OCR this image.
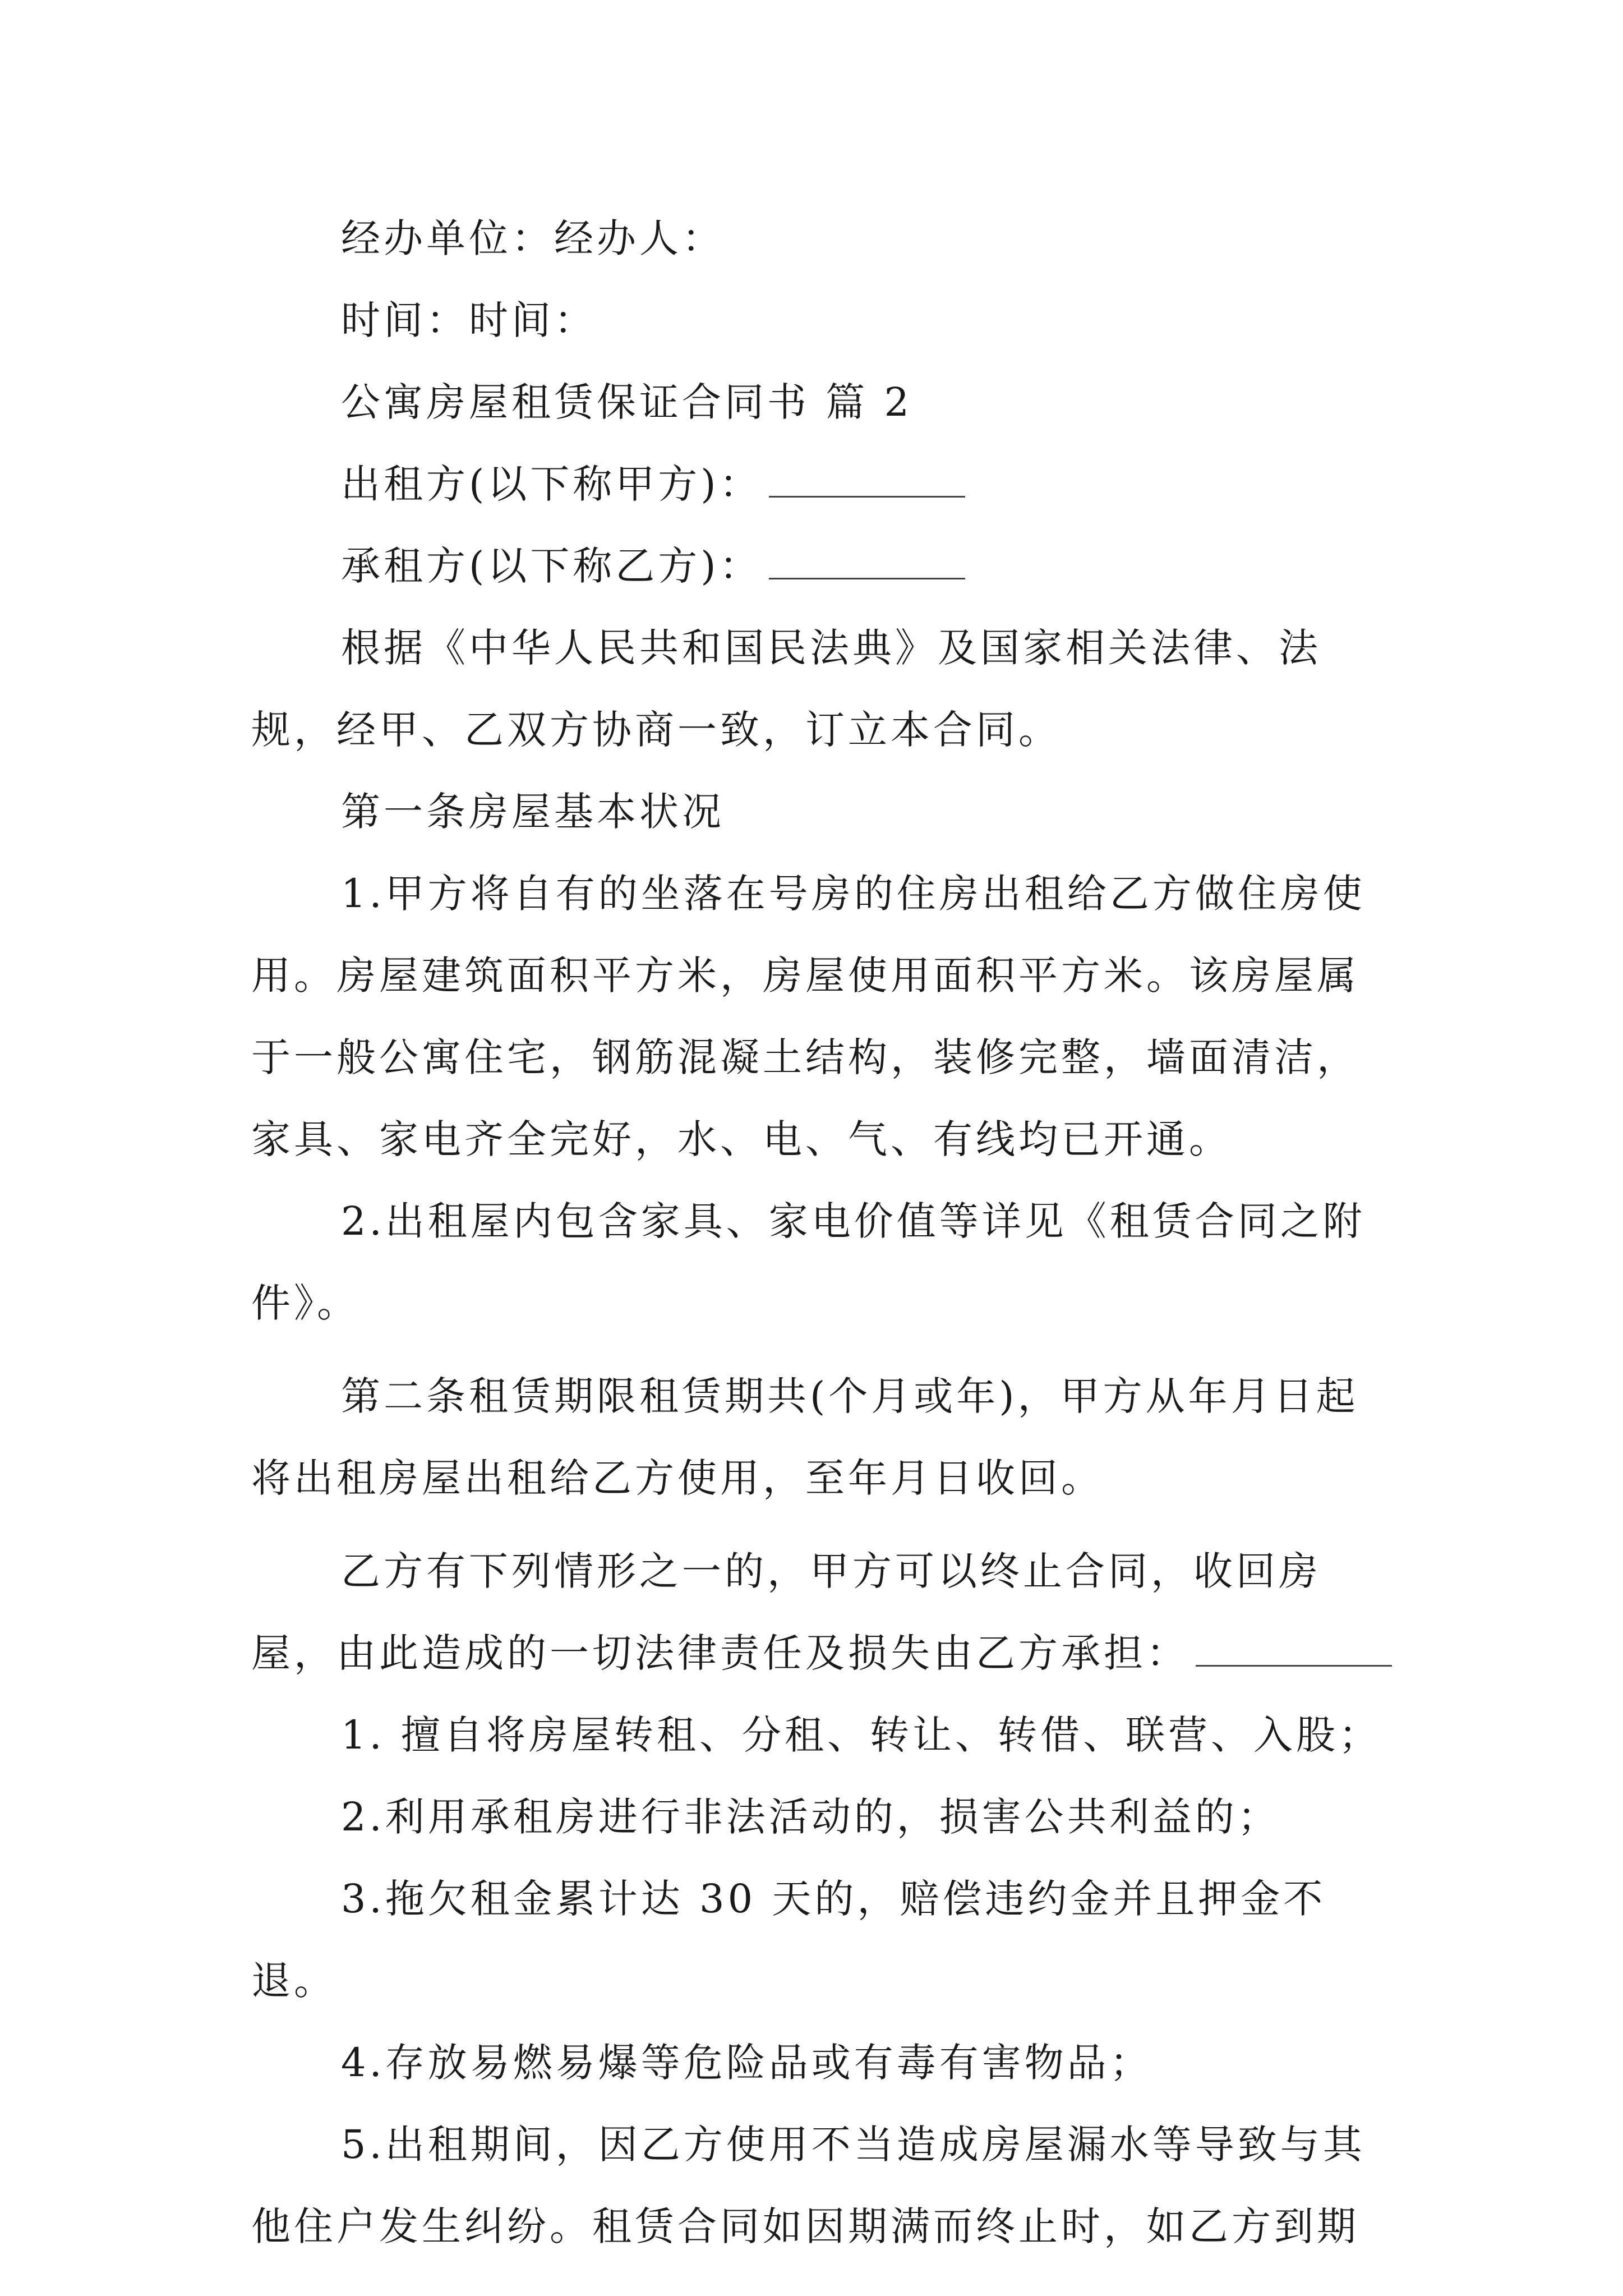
经办单位：经办人：

时间：时间：

公寓房屋租赁保证合同书 篇 2

出租方(以下称甲方)：

承租方(以下称乙方)：

根据《中华人民共和国民法典》及国家相关法律、法规，经甲、乙双方协商一致，订立本合同。

第一条房屋基本状况

1.甲方将自有的坐落在号房的住房出租给乙方做住房使用。房屋建筑面积平方米，房屋使用面积平方米。该房屋属于一般公寓住宅，钢筋混凝土结构，装修完整，墙面清洁，家具、家电齐全完好，水、电、气、有线均已开通。

2.出租屋内包含家具、家电价值等详见《租赁合同之附件》。

第二条租赁期限租赁期共(个月或年)，甲方从年月日起将出租房屋出租给乙方使用，至年月日收回。

乙方有下列情形之一的，甲方可以终止合同，收回房屋，由此造成的一切法律责任及损失由乙方承担：

1. 擅自将房屋转租、分租、转让、转借、联营、入股；

2.利用承租房进行非法活动的，损害公共利益的；

3.拖欠租金累计达 30 天的，赔偿违约金并且押金不退。

4.存放易燃易爆等危险品或有毒有害物品；

5.出租期间，因乙方使用不当造成房屋漏水等导致与其他住户发生纠纷。租赁合同如因期满而终止时，如乙方到期
